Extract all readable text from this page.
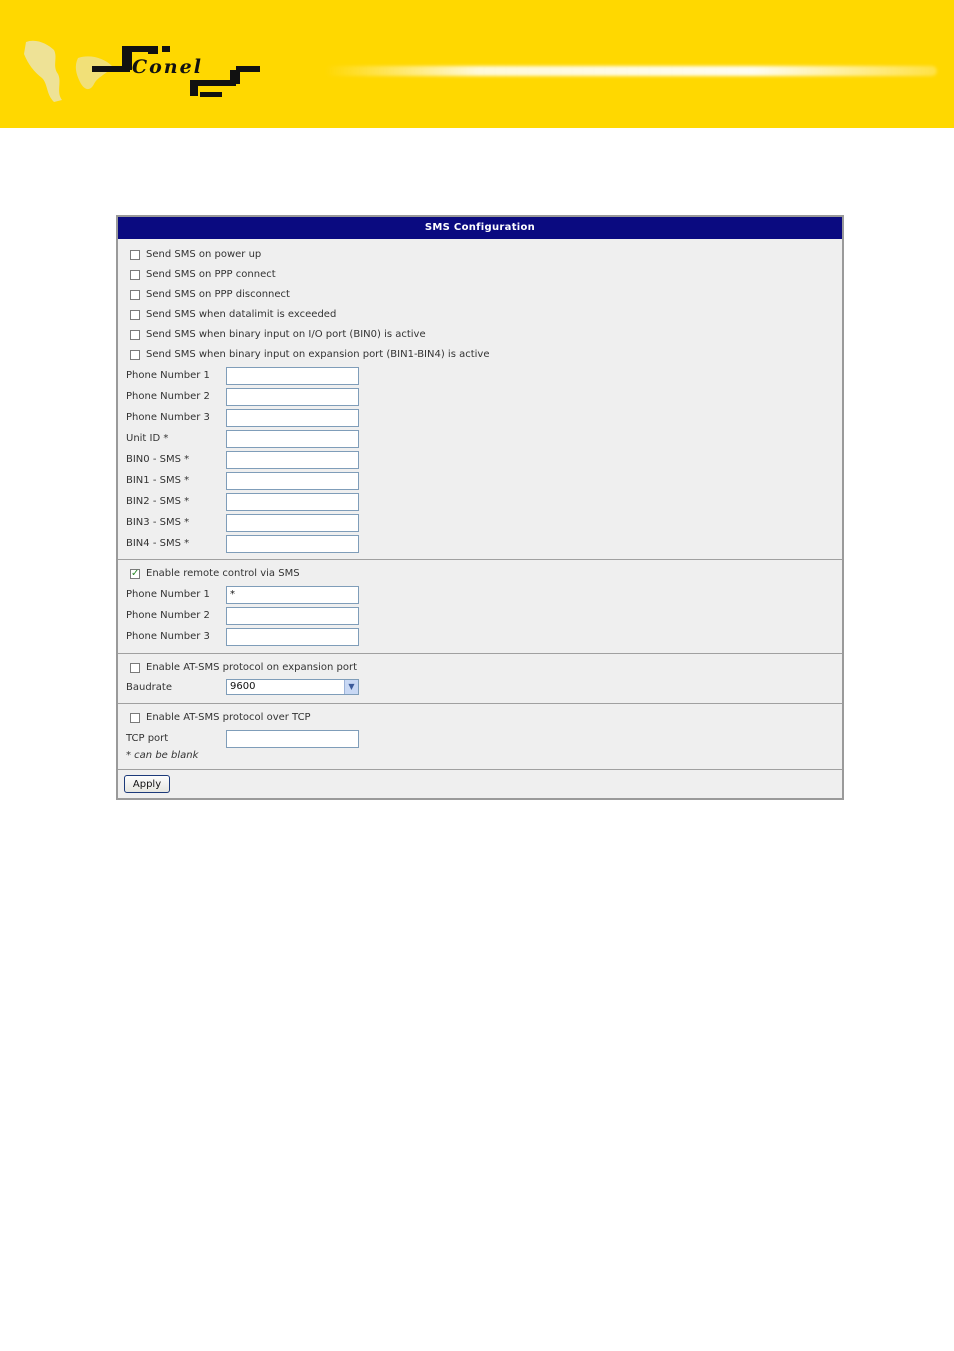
Conel
SMS Configuration
Send SMS on power up
Send SMS on PPP connect
Send SMS on PPP disconnect
Send SMS when datalimit is exceeded
Send SMS when binary input on I/O port (BIN0) is active
Send SMS when binary input on expansion port (BIN1-BIN4) is active
Phone Number 1
Phone Number 2
Phone Number 3
Unit ID *
BIN0 - SMS *
BIN1 - SMS *
BIN2 - SMS *
BIN3 - SMS *
BIN4 - SMS *
✓
Enable remote control via SMS
Phone Number 1	*
Phone Number 2
Phone Number 3
Enable AT-SMS protocol on expansion port
Baudrate	9600	▼
Enable AT-SMS protocol over TCP
TCP port
* can be blank
Apply
